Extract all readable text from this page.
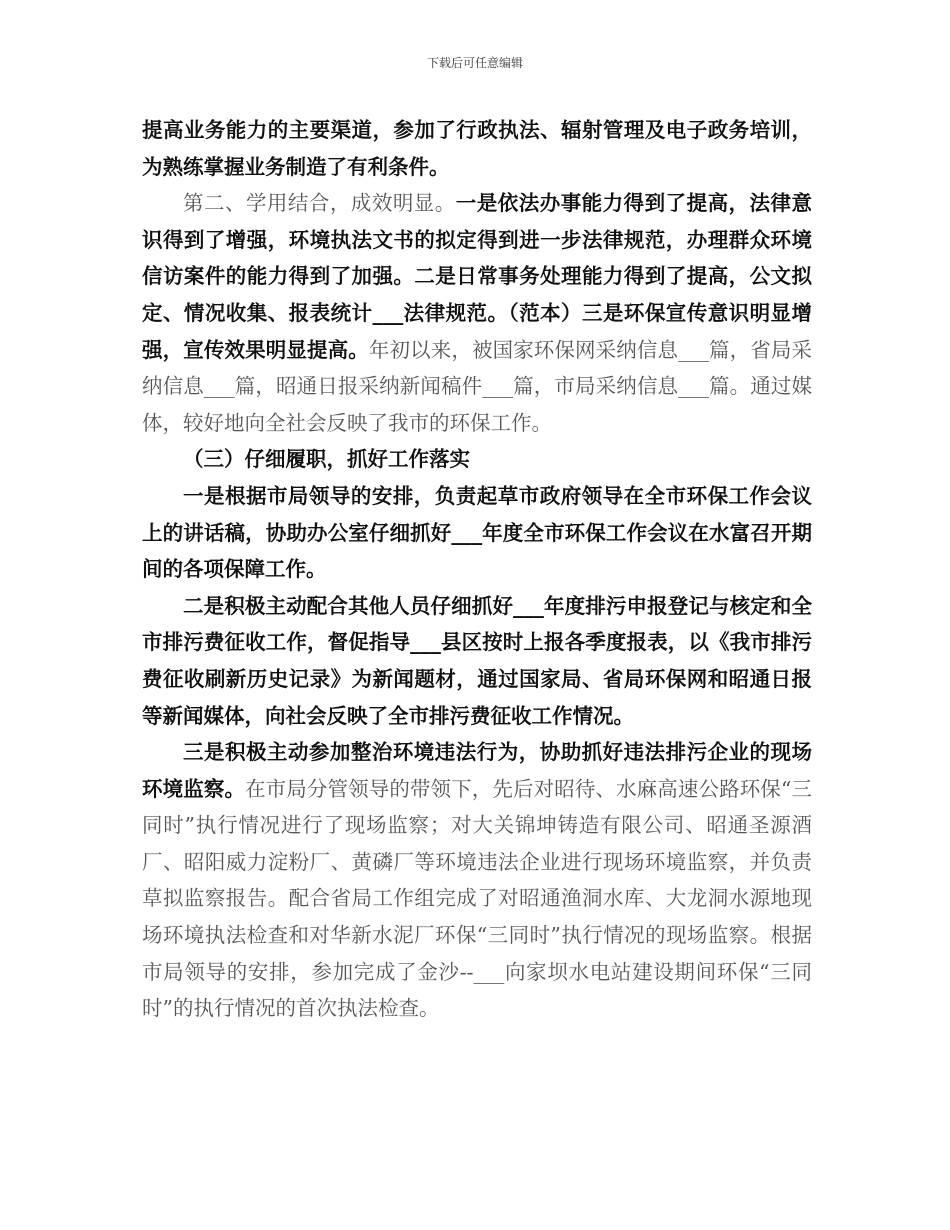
下载后可任意编辑

提高业务能力的主要渠道，参加了行政执法、辐射管理及电子政务培训，为熟练掌握业务制造了有利条件。

第二、学用结合，成效明显。一是依法办事能力得到了提高，法律意识得到了增强，环境执法文书的拟定得到进一步法律规范，办理群众环境信访案件的能力得到了加强。二是日常事务处理能力得到了提高，公文拟定、情况收集、报表统计___法律规范。（范本）三是环保宣传意识明显增强，宣传效果明显提高。年初以来，被国家环保网采纳信息___篇，省局采纳信息___篇，昭通日报采纳新闻稿件___篇，市局采纳信息___篇。通过媒体，较好地向全社会反映了我市的环保工作。

（三）仔细履职，抓好工作落实

一是根据市局领导的安排，负责起草市政府领导在全市环保工作会议上的讲话稿，协助办公室仔细抓好___年度全市环保工作会议在水富召开期间的各项保障工作。

二是积极主动配合其他人员仔细抓好___年度排污申报登记与核定和全市排污费征收工作，督促指导___县区按时上报各季度报表，以《我市排污费征收刷新历史记录》为新闻题材，通过国家局、省局环保网和昭通日报等新闻媒体，向社会反映了全市排污费征收工作情况。

三是积极主动参加整治环境违法行为，协助抓好违法排污企业的现场环境监察。在市局分管领导的带领下，先后对昭待、水麻高速公路环保“三同时”执行情况进行了现场监察；对大关锦坤铸造有限公司、昭通圣源酒厂、昭阳威力淀粉厂、黄磷厂等环境违法企业进行现场环境监察，并负责草拟监察报告。配合省局工作组完成了对昭通渔洞水库、大龙洞水源地现场环境执法检查和对华新水泥厂环保“三同时”执行情况的现场监察。根据市局领导的安排，参加完成了金沙--___向家坝水电站建设期间环保“三同时”的执行情况的首次执法检查。
